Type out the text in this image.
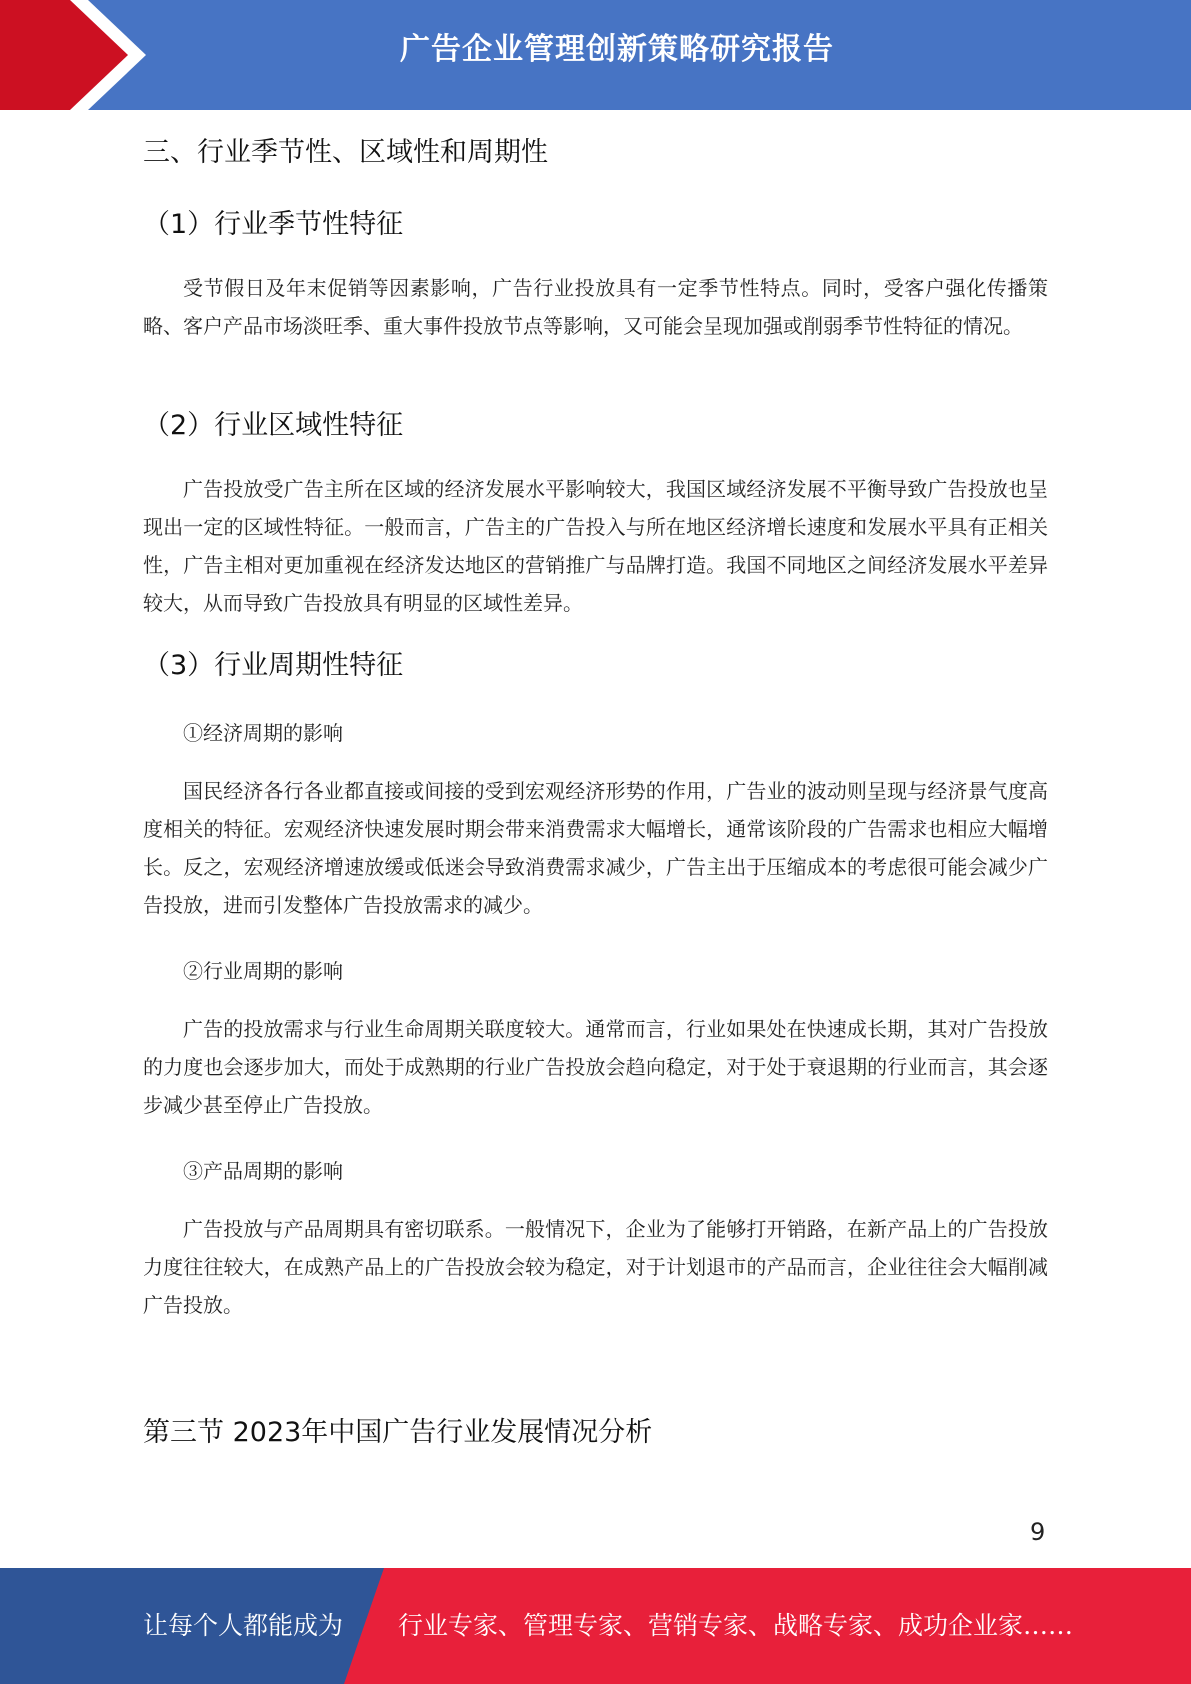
广告企业管理创新策略研究报告
三、行业季节性、区域性和周期性
（1）行业季节性特征

受节假日及年末促销等因素影响，广告行业投放具有一定季节性特点。同时，受客户强化传播策略、客户产品市场淡旺季、重大事件投放节点等影响，又可能会呈现加强或削弱季节性特征的情况。

（2）行业区域性特征

广告投放受广告主所在区域的经济发展水平影响较大，我国区域经济发展不平衡导致广告投放也呈现出一定的区域性特征。一般而言，广告主的广告投入与所在地区经济增长速度和发展水平具有正相关性，广告主相对更加重视在经济发达地区的营销推广与品牌打造。我国不同地区之间经济发展水平差异较大，从而导致广告投放具有明显的区域性差异。

（3）行业周期性特征
①经济周期的影响

国民经济各行各业都直接或间接的受到宏观经济形势的作用，广告业的波动则呈现与经济景气度高度相关的特征。宏观经济快速发展时期会带来消费需求大幅增长，通常该阶段的广告需求也相应大幅增长。反之，宏观经济增速放缓或低迷会导致消费需求减少，广告主出于压缩成本的考虑很可能会减少广告投放，进而引发整体广告投放需求的减少。

②行业周期的影响

广告的投放需求与行业生命周期关联度较大。通常而言，行业如果处在快速成长期，其对广告投放的力度也会逐步加大，而处于成熟期的行业广告投放会趋向稳定，对于处于衰退期的行业而言，其会逐步减少甚至停止广告投放。

③产品周期的影响

广告投放与产品周期具有密切联系。一般情况下，企业为了能够打开销路，在新产品上的广告投放力度往往较大，在成熟产品上的广告投放会较为稳定，对于计划退市的产品而言，企业往往会大幅削减广告投放。

第三节 2023年中国广告行业发展情况分析
9
让每个人都能成为 行业专家、管理专家、营销专家、战略专家、成功企业家……
